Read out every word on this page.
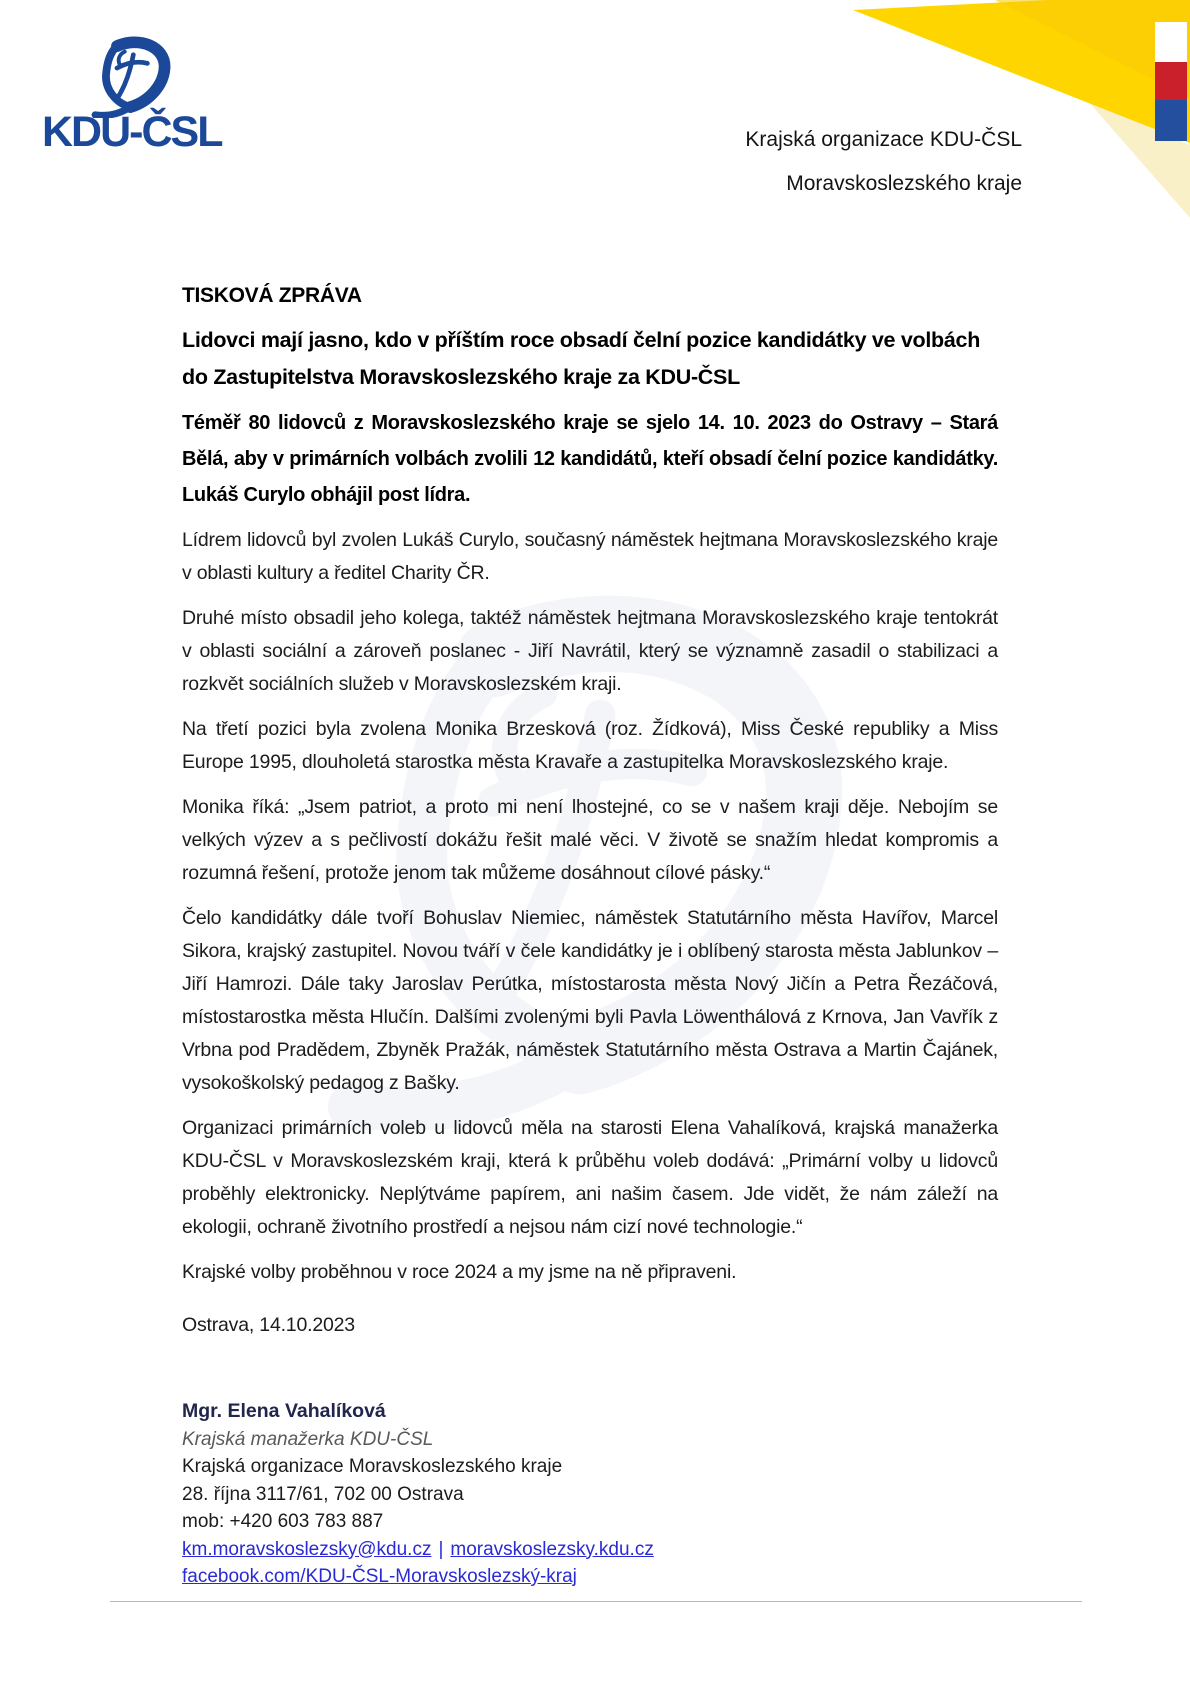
KDU-ČSL	Krajská organizace KDU-ČSL
Moravskoslezského kraje
TISKOVÁ ZPRÁVA

Lidovci mají jasno, kdo v příštím roce obsadí čelní pozice kandidátky ve volbách do Zastupitelstva Moravskoslezského kraje za KDU-ČSL

Téměř 80 lidovců z Moravskoslezského kraje se sjelo 14. 10. 2023 do Ostravy – Stará Bělá, aby v primárních volbách zvolili 12 kandidátů, kteří obsadí čelní pozice kandidátky. Lukáš Curylo obhájil post lídra.

Lídrem lidovců byl zvolen Lukáš Curylo, současný náměstek hejtmana Moravskoslezského kraje v oblasti kultury a ředitel Charity ČR.

Druhé místo obsadil jeho kolega, taktéž náměstek hejtmana Moravskoslezského kraje tentokrát v oblasti sociální a zároveň poslanec - Jiří Navrátil, který se významně zasadil o stabilizaci a rozkvět sociálních služeb v Moravskoslezském kraji.

Na třetí pozici byla zvolena Monika Brzesková (roz. Žídková), Miss České republiky a Miss Europe 1995, dlouholetá starostka města Kravaře a zastupitelka Moravskoslezského kraje.

Monika říká: „Jsem patriot, a proto mi není lhostejné, co se v našem kraji děje. Nebojím se velkých výzev a s pečlivostí dokážu řešit malé věci. V životě se snažím hledat kompromis a rozumná řešení, protože jenom tak můžeme dosáhnout cílové pásky.“

Čelo kandidátky dále tvoří Bohuslav Niemiec, náměstek Statutárního města Havířov, Marcel Sikora, krajský zastupitel. Novou tváří v čele kandidátky je i oblíbený starosta města Jablunkov – Jiří Hamrozi. Dále taky Jaroslav Perútka, místostarosta města Nový Jičín a Petra Řezáčová, místostarostka města Hlučín. Dalšími zvolenými byli Pavla Löwenthálová z Krnova, Jan Vavřík z Vrbna pod Pradědem, Zbyněk Pražák, náměstek Statutárního města Ostrava a Martin Čajánek, vysokoškolský pedagog z Bašky.

Organizaci primárních voleb u lidovců měla na starosti Elena Vahalíková, krajská manažerka KDU-ČSL v Moravskoslezském kraji, která k průběhu voleb dodává: „Primární volby u lidovců proběhly elektronicky. Neplýtváme papírem, ani našim časem. Jde vidět, že nám záleží na ekologii, ochraně životního prostředí a nejsou nám cizí nové technologie.“

Krajské volby proběhnou v roce 2024 a my jsme na ně připraveni.

Ostrava, 14.10.2023

Mgr. Elena Vahalíková
Krajská manažerka KDU-ČSL
Krajská organizace Moravskoslezského kraje
28. října 3117/61, 702 00 Ostrava
mob: +420 603 783 887
km.moravskoslezsky@kdu.cz | moravskoslezsky.kdu.cz
facebook.com/KDU-ČSL-Moravskoslezský-kraj
